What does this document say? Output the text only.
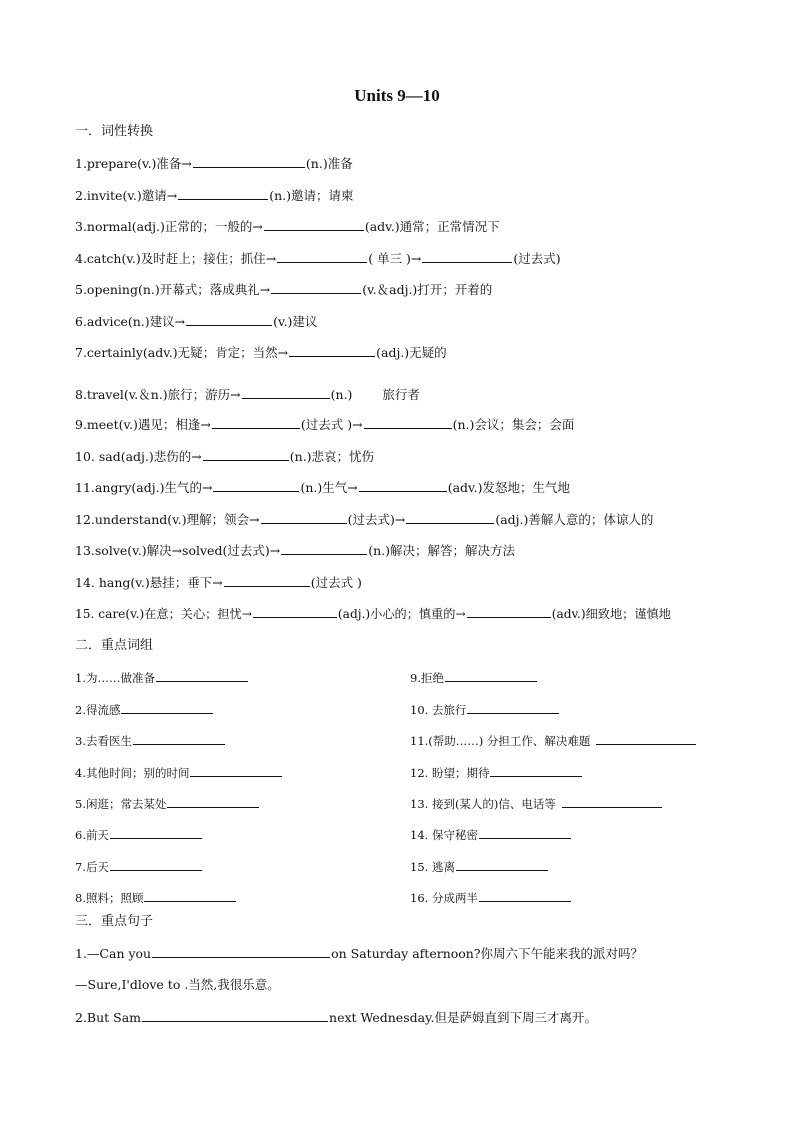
Units 9—10
一．词性转换
1.prepare(v.)准备→	(n.)准备
2.invite(v.)邀请→	(n.)邀请；请柬
3.normal(adj.)正常的；一般的→	(adv.)通常；正常情况下
4.catch(v.)及时赶上；接住；抓住→	( 单三 )→	(过去式)
5.opening(n.)开幕式；落成典礼→	(v.＆adj.)打开；开着的
6.advice(n.)建议→	(v.)建议
7.certainly(adv.)无疑；肯定；当然→	(adj.)无疑的
8.travel(v.＆n.)旅行；游历→	(n.) 旅行者
9.meet(v.)遇见；相逢→	(过去式 )→	(n.)会议；集会；会面
10. sad(adj.)悲伤的→	(n.)悲哀；忧伤
11.angry(adj.)生气的→	(n.)生气→	(adv.)发怒地；生气地
12.understand(v.)理解；领会→	(过去式)→	(adj.)善解人意的；体谅人的
13.solve(v.)解决→solved(过去式)→	(n.)解决；解答；解决方法
14. hang(v.)悬挂；垂下→	(过去式 )
15. care(v.)在意；关心；担忧→	(adj.)小心的；慎重的→	(adv.)细致地；谨慎地
二．重点词组
1.为……做准备
2.得流感
3.去看医生
4.其他时间；别的时间
5.闲逛；常去某处
6.前天
7.后天
8.照料；照顾
9.拒绝
10. 去旅行
11.(帮助……) 分担工作、解决难题
12. 盼望；期待
13. 接到(某人的)信、电话等
14. 保守秘密
15. 逃离
16. 分成两半
三．重点句子
1.—Can you	on Saturday afternoon?你周六下午能来我的派对吗？
—Sure,I'dlove to .当然,我很乐意。
2.But Sam	next Wednesday.但是萨姆直到下周三才离开。
